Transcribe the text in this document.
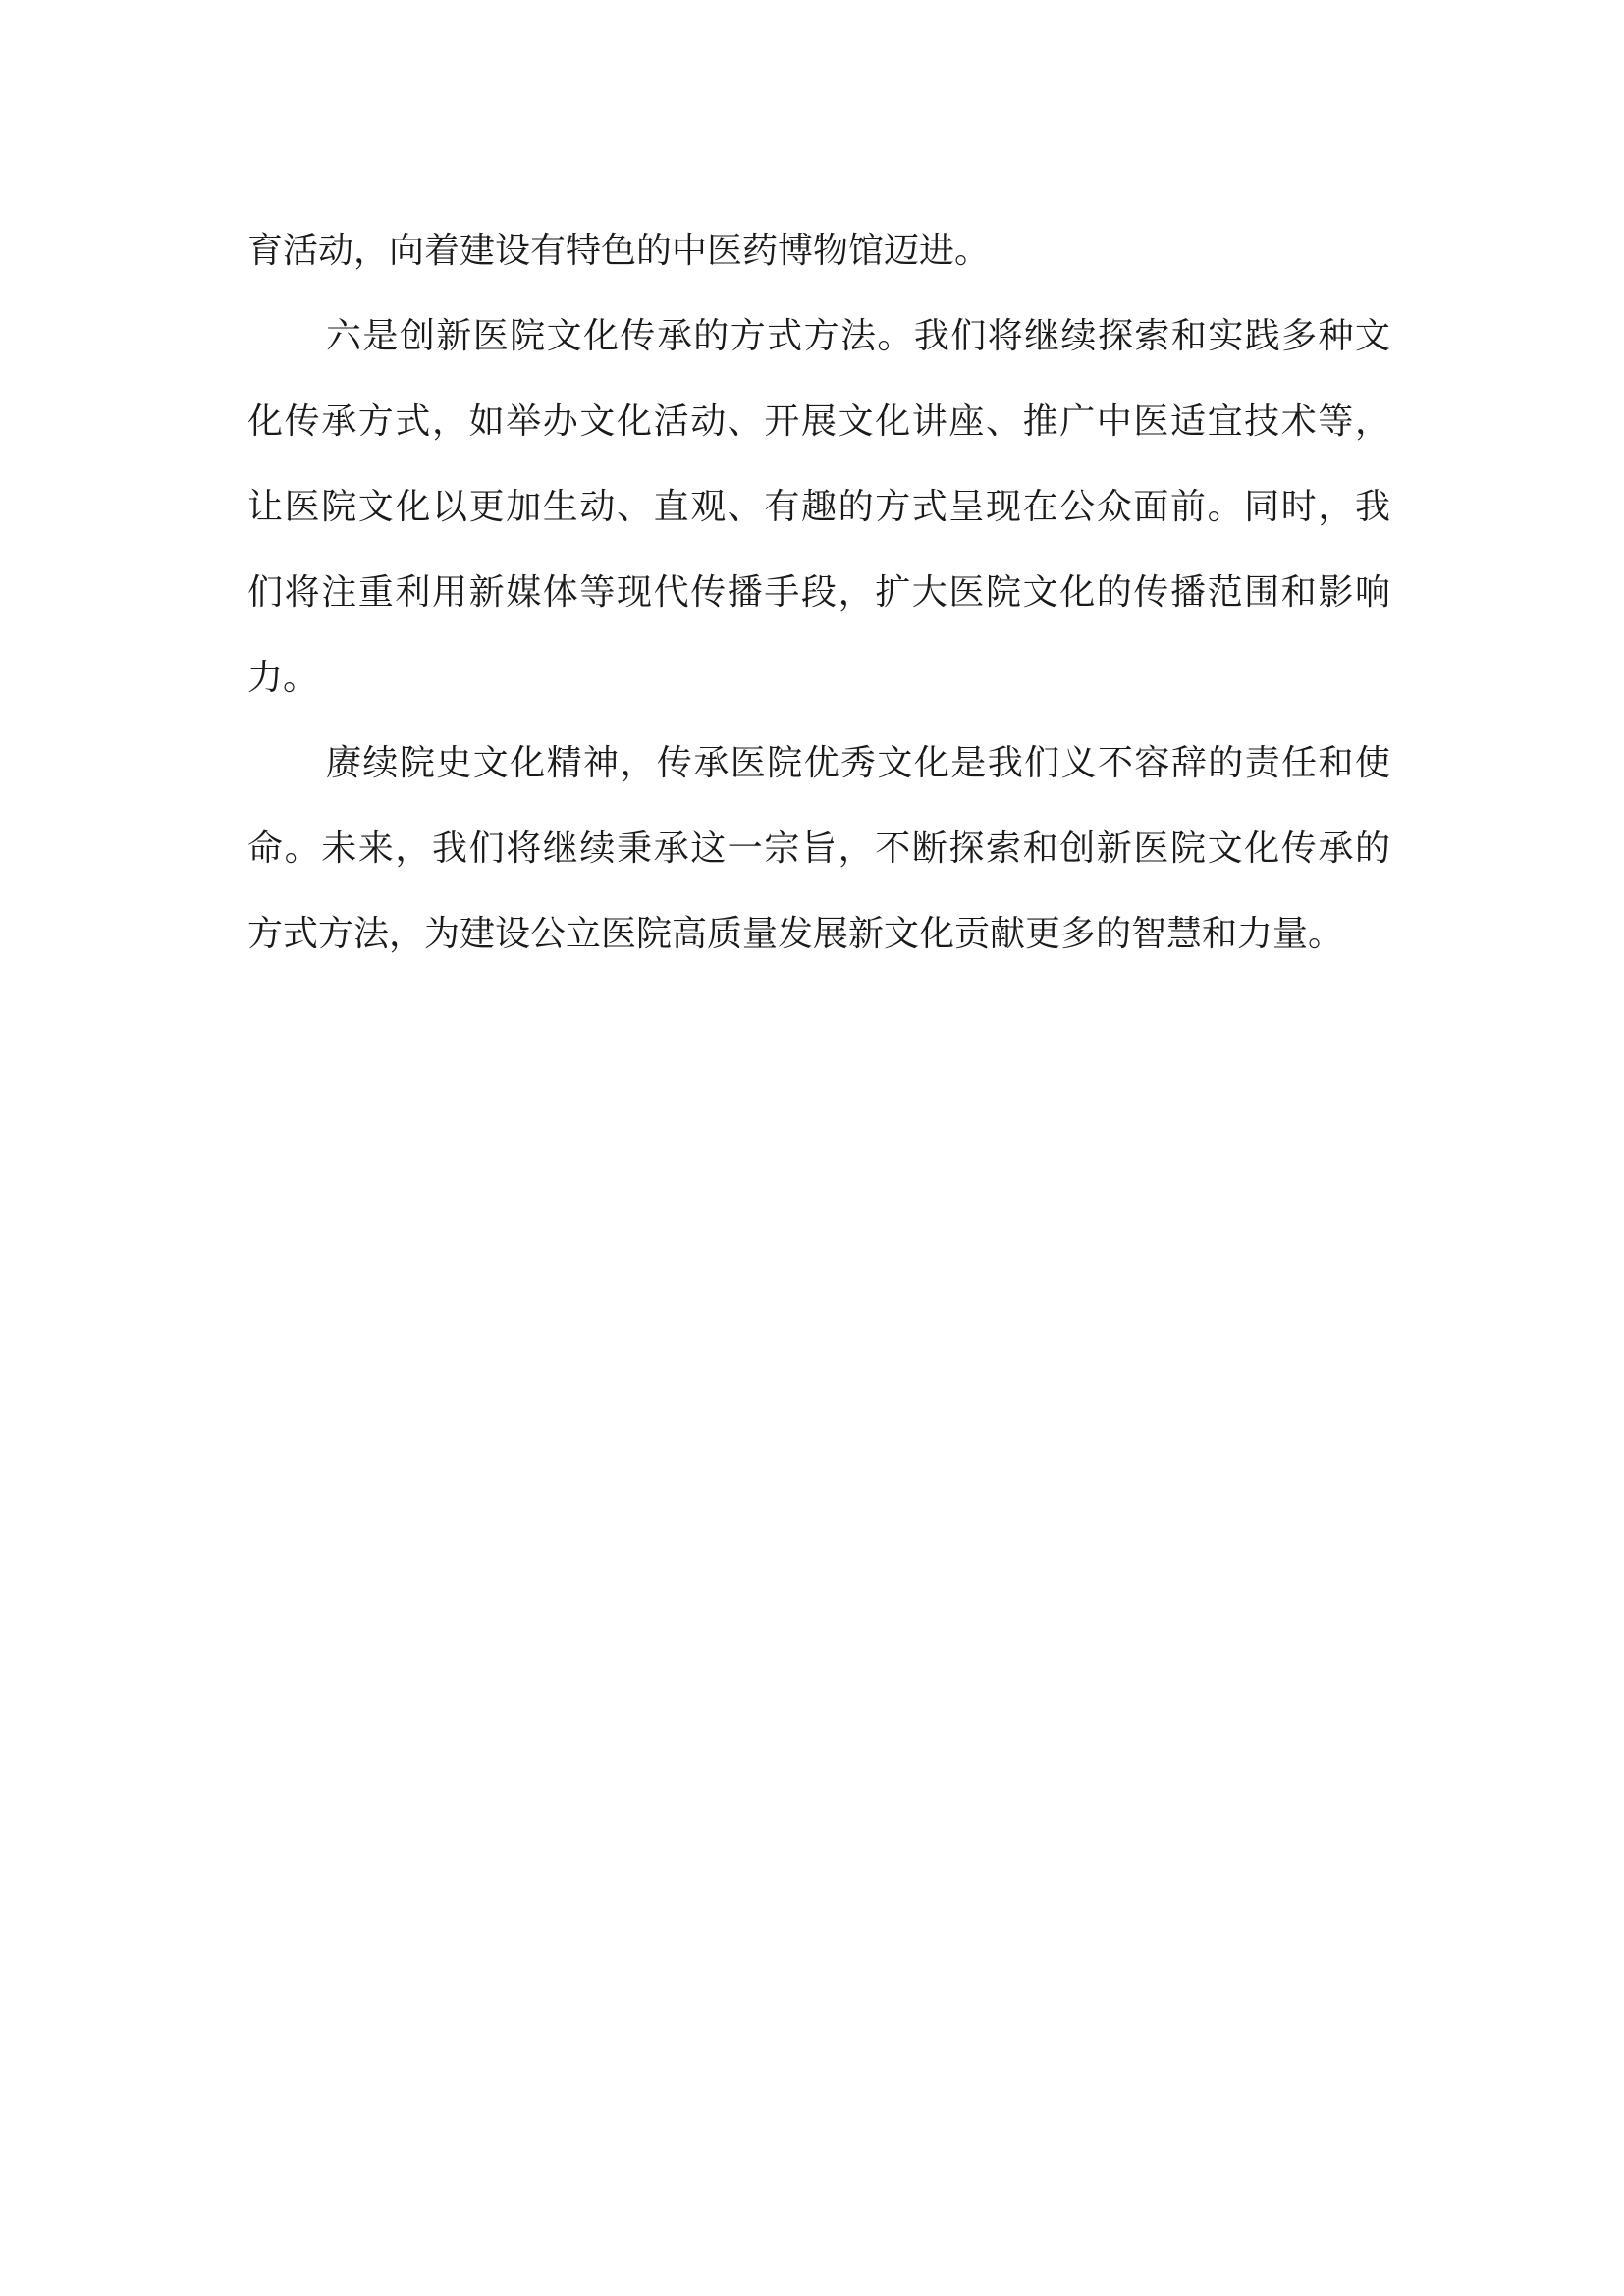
育活动，向着建设有特色的中医药博物馆迈进。
六是创新医院文化传承的方式方法。我们将继续探索和实践多种文
化传承方式，如举办文化活动、开展文化讲座、推广中医适宜技术等，
让医院文化以更加生动、直观、有趣的方式呈现在公众面前。同时，我
们将注重利用新媒体等现代传播手段，扩大医院文化的传播范围和影响
力。
赓续院史文化精神，传承医院优秀文化是我们义不容辞的责任和使
命。未来，我们将继续秉承这一宗旨，不断探索和创新医院文化传承的
方式方法，为建设公立医院高质量发展新文化贡献更多的智慧和力量。
